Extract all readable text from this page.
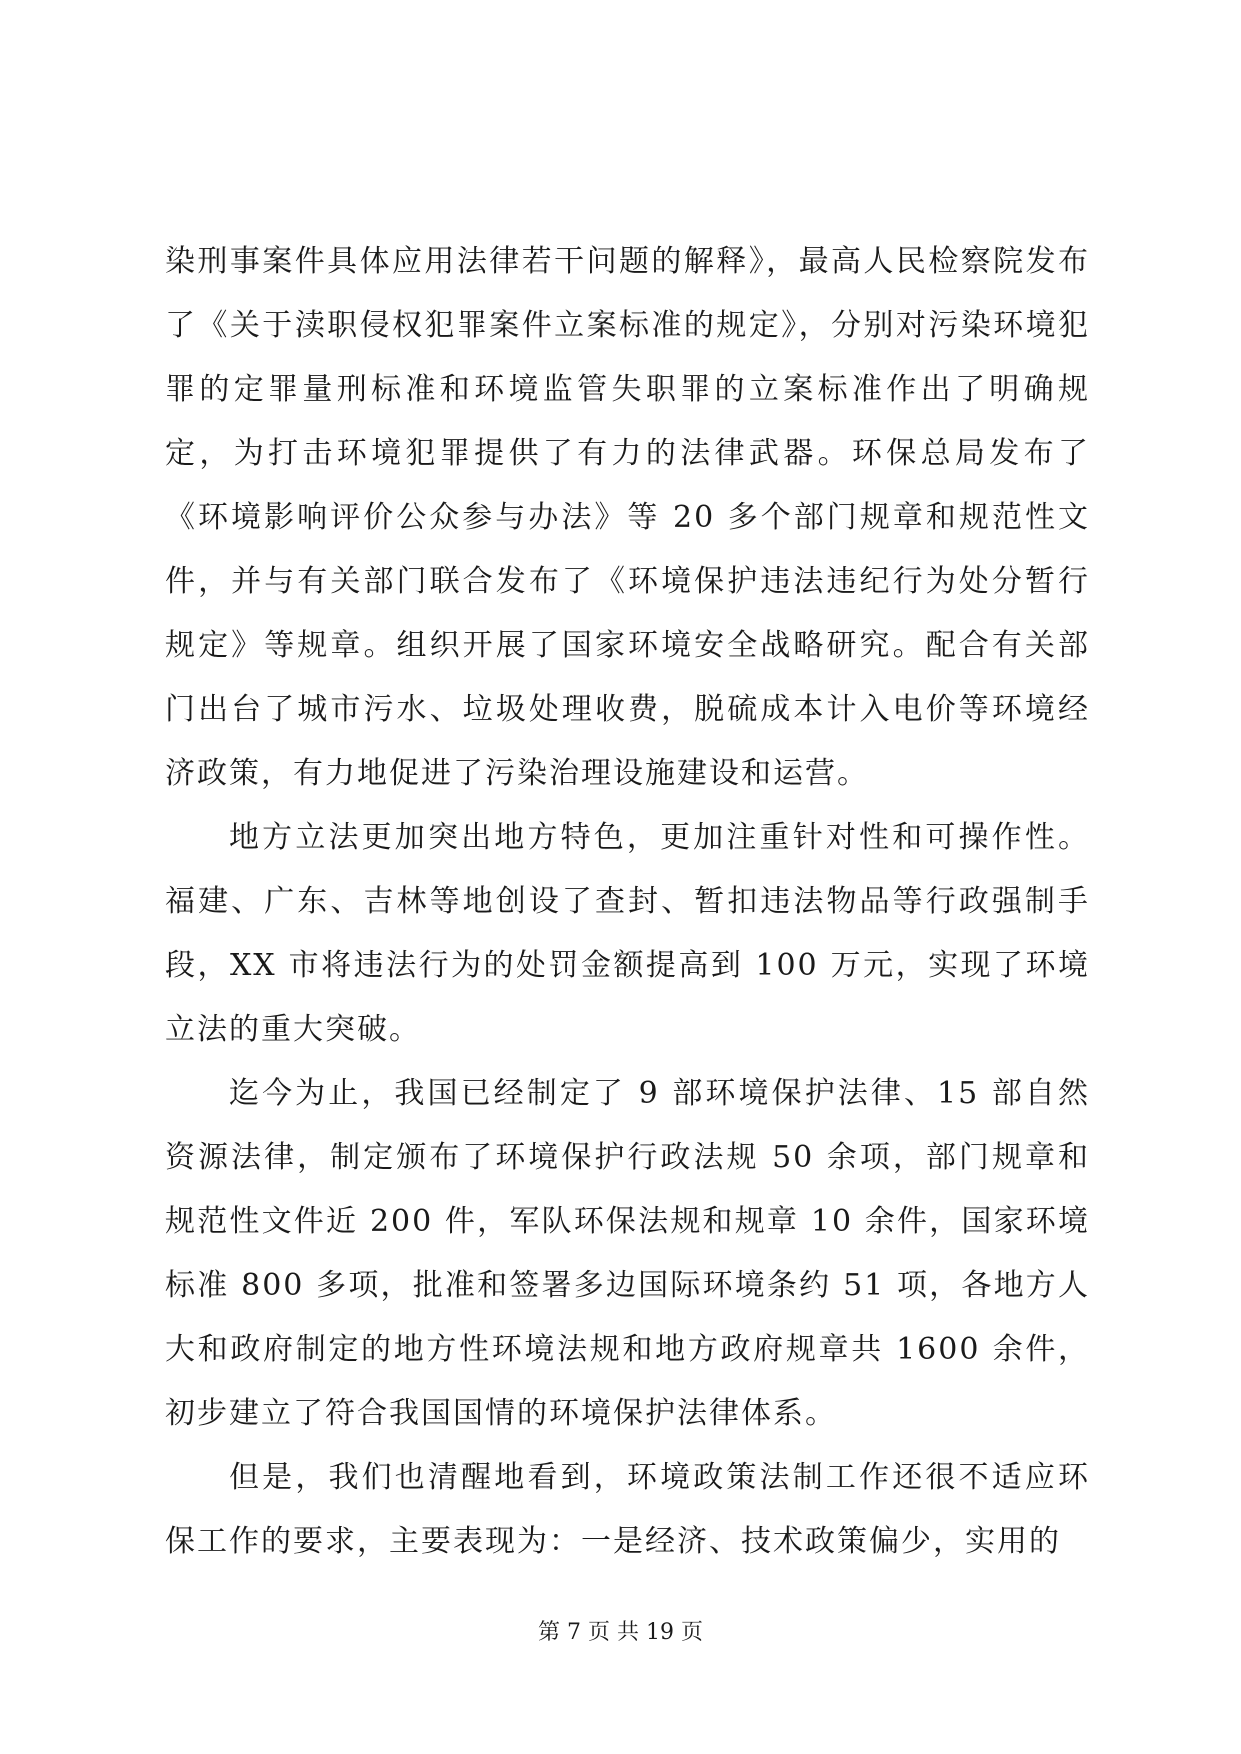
染刑事案件具体应用法律若干问题的解释》，最高人民检察院发布了《关于渎职侵权犯罪案件立案标准的规定》，分别对污染环境犯罪的定罪量刑标准和环境监管失职罪的立案标准作出了明确规定，为打击环境犯罪提供了有力的法律武器。环保总局发布了《环境影响评价公众参与办法》等 20 多个部门规章和规范性文件，并与有关部门联合发布了《环境保护违法违纪行为处分暂行规定》等规章。组织开展了国家环境安全战略研究。配合有关部门出台了城市污水、垃圾处理收费，脱硫成本计入电价等环境经济政策，有力地促进了污染治理设施建设和运营。

地方立法更加突出地方特色，更加注重针对性和可操作性。福建、广东、吉林等地创设了查封、暂扣违法物品等行政强制手段，XX 市将违法行为的处罚金额提高到 100 万元，实现了环境立法的重大突破。

迄今为止，我国已经制定了 9 部环境保护法律、15 部自然资源法律，制定颁布了环境保护行政法规 50 余项，部门规章和规范性文件近 200 件，军队环保法规和规章 10 余件，国家环境标准 800 多项，批准和签署多边国际环境条约 51 项，各地方人大和政府制定的地方性环境法规和地方政府规章共 1600 余件，初步建立了符合我国国情的环境保护法律体系。

但是，我们也清醒地看到，环境政策法制工作还很不适应环保工作的要求，主要表现为：一是经济、技术政策偏少，实用的

第 7 页 共 19 页
